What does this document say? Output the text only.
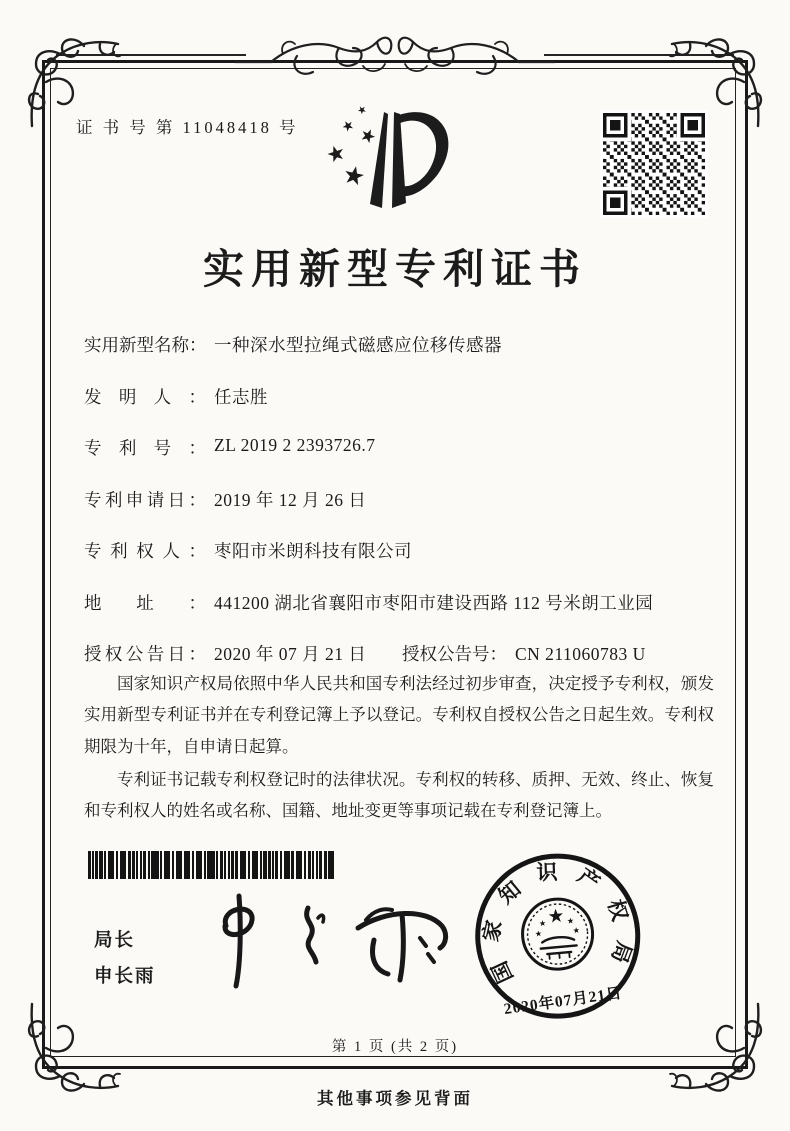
证 书 号 第 11048418 号
实用新型专利证书
实用新型名称： 一种深水型拉绳式磁感应位移传感器
发明人： 任志胜
专利号： ZL 2019 2 2393726.7
专利申请日： 2019 年 12 月 26 日
专利权人： 枣阳市米朗科技有限公司
地址： 441200 湖北省襄阳市枣阳市建设西路 112 号米朗工业园
授权公告日： 2020 年 07 月 21 日	授权公告号： CN 211060783 U

国家知识产权局依照中华人民共和国专利法经过初步审查，决定授予专利权，颁发实用新型专利证书并在专利登记簿上予以登记。专利权自授权公告之日起生效。专利权期限为十年，自申请日起算。

专利证书记载专利权登记时的法律状况。专利权的转移、质押、无效、终止、恢复和专利权人的姓名或名称、国籍、地址变更等事项记载在专利登记簿上。

局长
申长雨	国家知识产权局
2020年07月21日
第 1 页 (共 2 页)
其他事项参见背面
